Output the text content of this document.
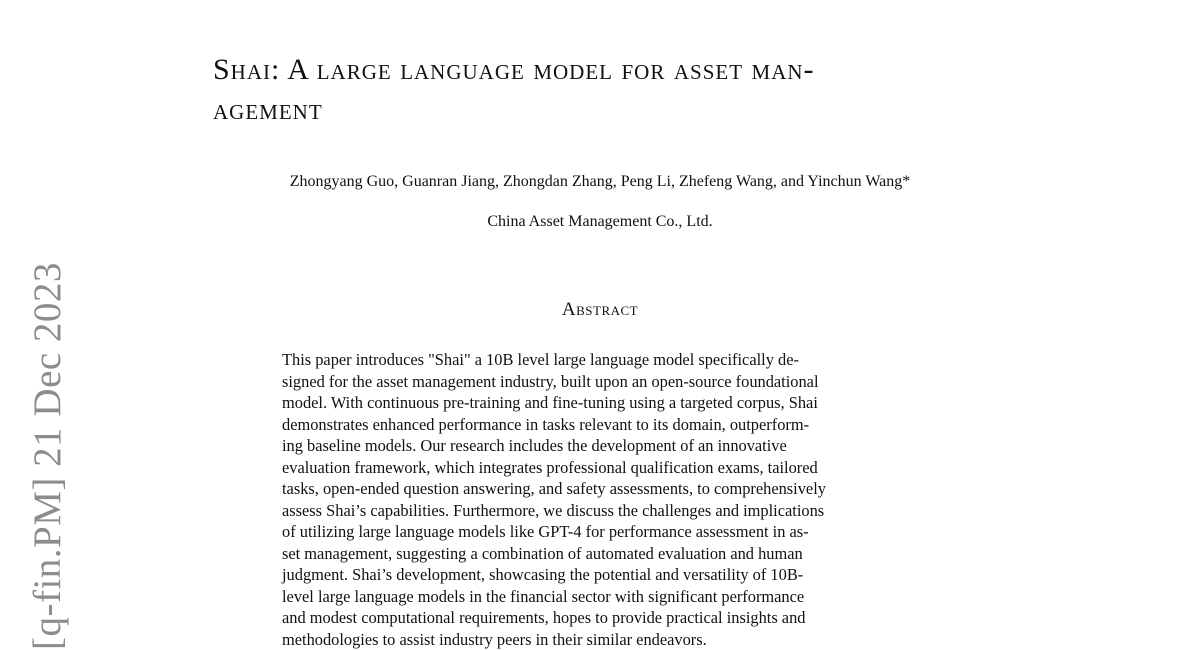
Shai: A large language model for asset man-
agement
Zhongyang Guo, Guanran Jiang, Zhongdan Zhang, Peng Li, Zhefeng Wang, and Yinchun Wang*
China Asset Management Co., Ltd.
Abstract
This paper introduces "Shai" a 10B level large language model specifically de-
signed for the asset management industry, built upon an open-source foundational
model. With continuous pre-training and fine-tuning using a targeted corpus, Shai
demonstrates enhanced performance in tasks relevant to its domain, outperform-
ing baseline models. Our research includes the development of an innovative
evaluation framework, which integrates professional qualification exams, tailored
tasks, open-ended question answering, and safety assessments, to comprehensively
assess Shai’s capabilities. Furthermore, we discuss the challenges and implications
of utilizing large language models like GPT-4 for performance assessment in as-
set management, suggesting a combination of automated evaluation and human
judgment. Shai’s development, showcasing the potential and versatility of 10B-
level large language models in the financial sector with significant performance
and modest computational requirements, hopes to provide practical insights and
methodologies to assist industry peers in their similar endeavors.
[q-fin.PM] 21 Dec 2023
